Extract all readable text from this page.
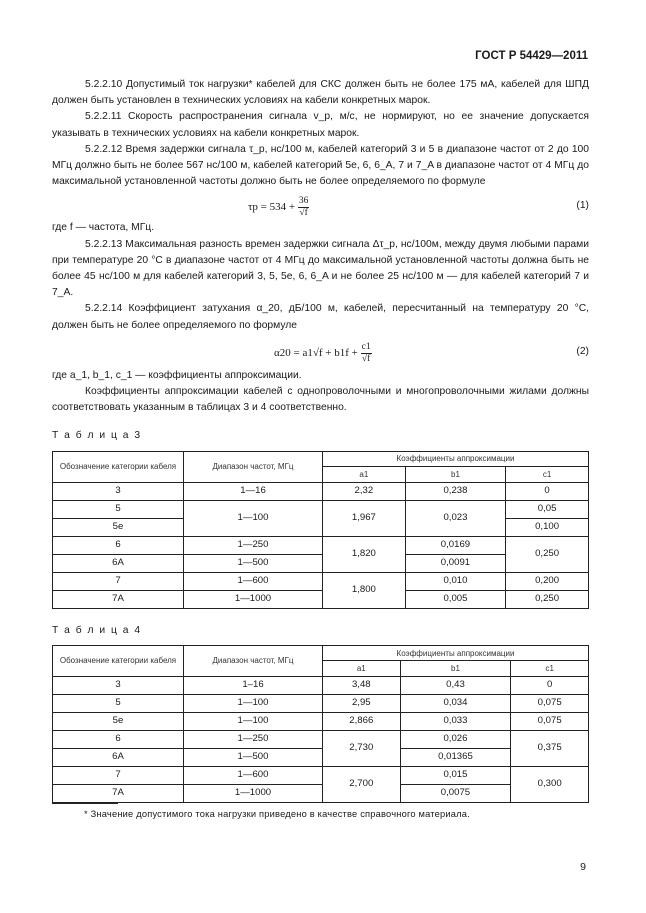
ГОСТ Р 54429—2011

5.2.2.10 Допустимый ток нагрузки* кабелей для СКС должен быть не более 175 мА, кабелей для ШПД должен быть установлен в технических условиях на кабели конкретных марок.

5.2.2.11 Скорость распространения сигнала v_p, м/с, не нормируют, но ее значение допускается указывать в технических условиях на кабели конкретных марок.

5.2.2.12 Время задержки сигнала τ_p, нс/100 м, кабелей категорий 3 и 5 в диапазоне частот от 2 до 100 МГц должно быть не более 567 нс/100 м, кабелей категорий 5е, 6, 6_A, 7 и 7_A в диапазоне частот от 4 МГц до максимальной установленной частоты должно быть не более определяемого по формуле

$\tau p = 534 + \frac{36}{√f}$	(1)

где f — частота, МГц.

5.2.2.13 Максимальная разность времен задержки сигнала Δτ_p, нс/100м, между двумя любыми парами при температуре 20 °С в диапазоне частот от 4 МГц до максимальной установленной частоты должна быть не более 45 нс/100 м для кабелей категорий 3, 5, 5е, 6, 6_A и не более 25 нс/100 м — для кабелей категорий 7 и 7_A.

5.2.2.14 Коэффициент затухания α_20, дБ/100 м, кабелей, пересчитанный на температуру 20 °С, должен быть не более определяемого по формуле

$\alpha 20 = a1√f + b1f + \frac{c1}{√f}$	(2)

где a_1, b_1, c_1 — коэффициенты аппроксимации.

Коэффициенты аппроксимации кабелей с однопроволочными и многопроволочными жилами должны соответствовать указанным в таблицах 3 и 4 соответственно.

Т а б л и ц а 3
Обозначение категории кабеля	Диапазон частот, МГц	Коэффициенты аппроксимации		
		a1	b1	c1
3	1—16	2,32	0,238	0
5	1—100	1,967	0,023	0,05
5е				0,100
6	1—250	1,820	0,0169	0,250
6A	1—500		0,0091	
7	1—600	1,800	0,010	0,200
7A	1—1000		0,005	0,250
Т а б л и ц а 4
Обозначение категории кабеля	Диапазон частот, МГц	Коэффициенты аппроксимации		
		a1	b1	c1
3	1–16	3,48	0,43	0
5	1—100	2,95	0,034	0,075
5е	1—100	2,866	0,033	0,075
6	1—250	2,730	0,026	0,375
6A	1—500		0,01365	
7	1—600	2,700	0,015	0,300
7A	1—1000		0,0075	
* Значение допустимого тока нагрузки приведено в качестве справочного материала.
9
